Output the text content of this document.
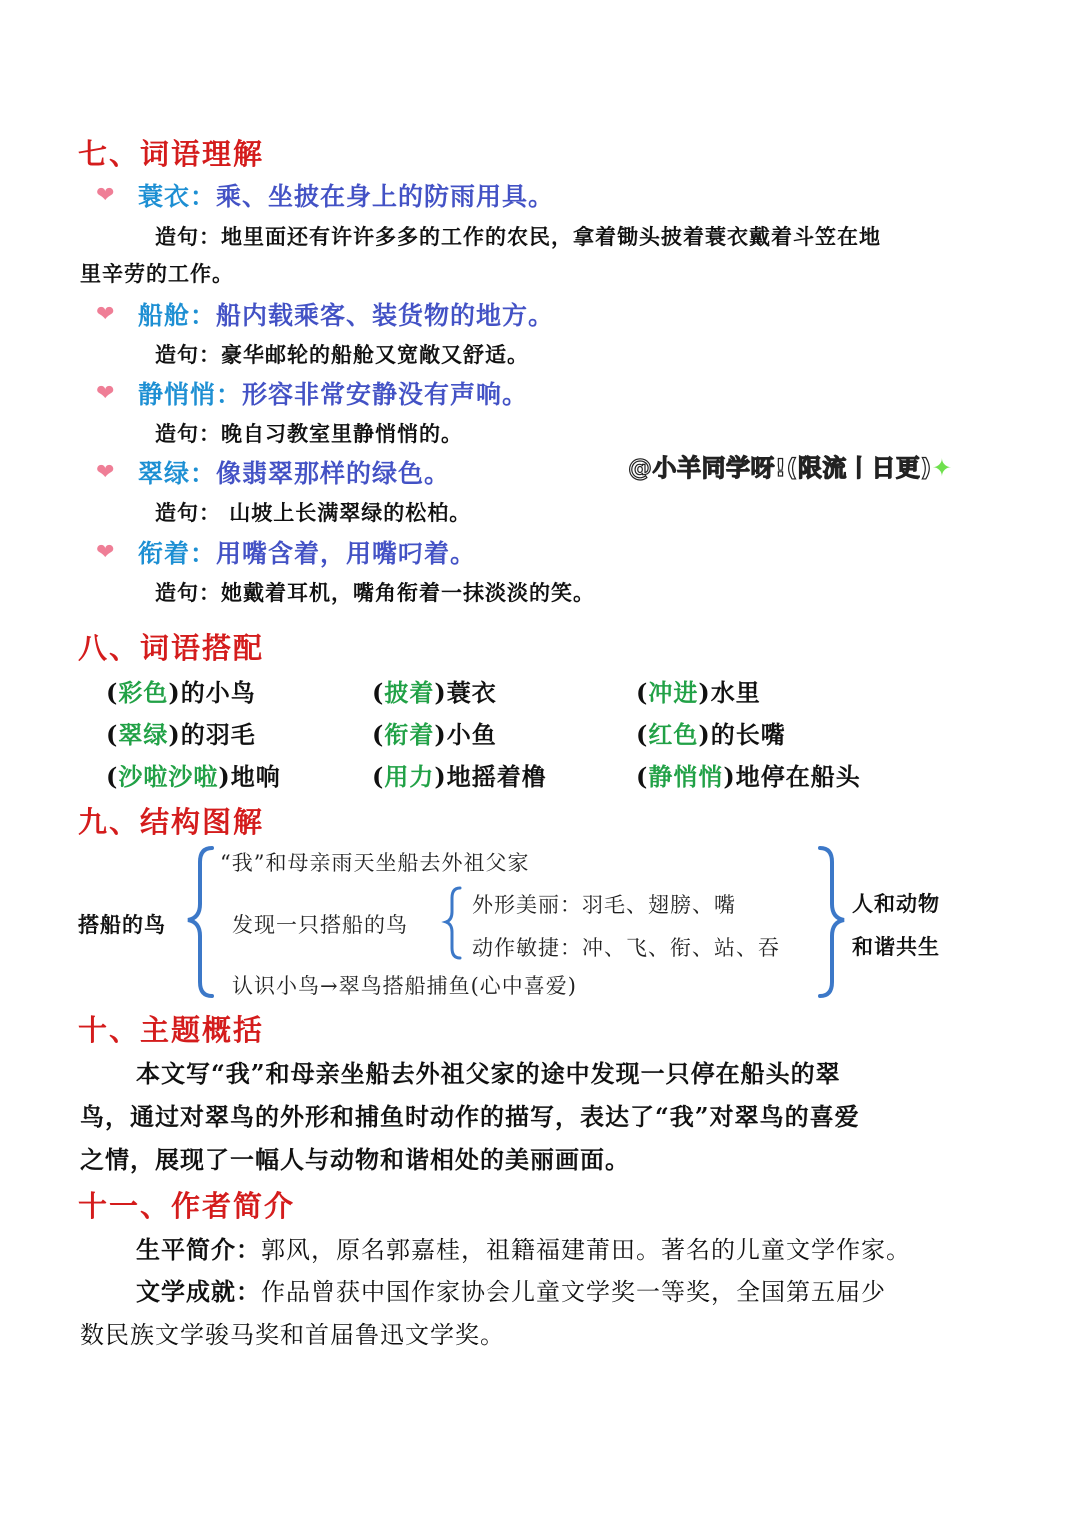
七、词语理解
❤ 蓑衣：乘、坐披在身上的防雨用具。
造句：地里面还有许许多多的工作的农民，拿着锄头披着蓑衣戴着斗笠在地
里辛劳的工作。
❤ 船舱：船内载乘客、装货物的地方。
造句：豪华邮轮的船舱又宽敞又舒适。
❤ 静悄悄：形容非常安静没有声响。
造句：晚自习教室里静悄悄的。
❤ 翠绿：像翡翠那样的绿色。
造句： 山坡上长满翠绿的松柏。
❤ 衔着：用嘴含着，用嘴叼着。
造句：她戴着耳机，嘴角衔着一抹淡淡的笑。
@小羊同学呀!(限流丨日更)✦
八、词语搭配
(彩色)的小鸟	(披着)蓑衣	(冲进)水里
(翠绿)的羽毛	(衔着)小鱼	(红色)的长嘴
(沙啦沙啦)地响	(用力)地摇着橹	(静悄悄)地停在船头
九、结构图解
搭船的鸟
“我”和母亲雨天坐船去外祖父家
发现一只搭船的鸟
外形美丽：羽毛、翅膀、嘴
动作敏捷：冲、飞、衔、站、吞
认识小鸟→翠鸟搭船捕鱼(心中喜爱)
人和动物
和谐共生
十、主题概括
本文写“我”和母亲坐船去外祖父家的途中发现一只停在船头的翠
鸟，通过对翠鸟的外形和捕鱼时动作的描写，表达了“我”对翠鸟的喜爱
之情，展现了一幅人与动物和谐相处的美丽画面。
十一、作者简介
生平简介：郭风，原名郭嘉桂，祖籍福建莆田。著名的儿童文学作家。
文学成就：作品曾获中国作家协会儿童文学奖一等奖，全国第五届少
数民族文学骏马奖和首届鲁迅文学奖。
